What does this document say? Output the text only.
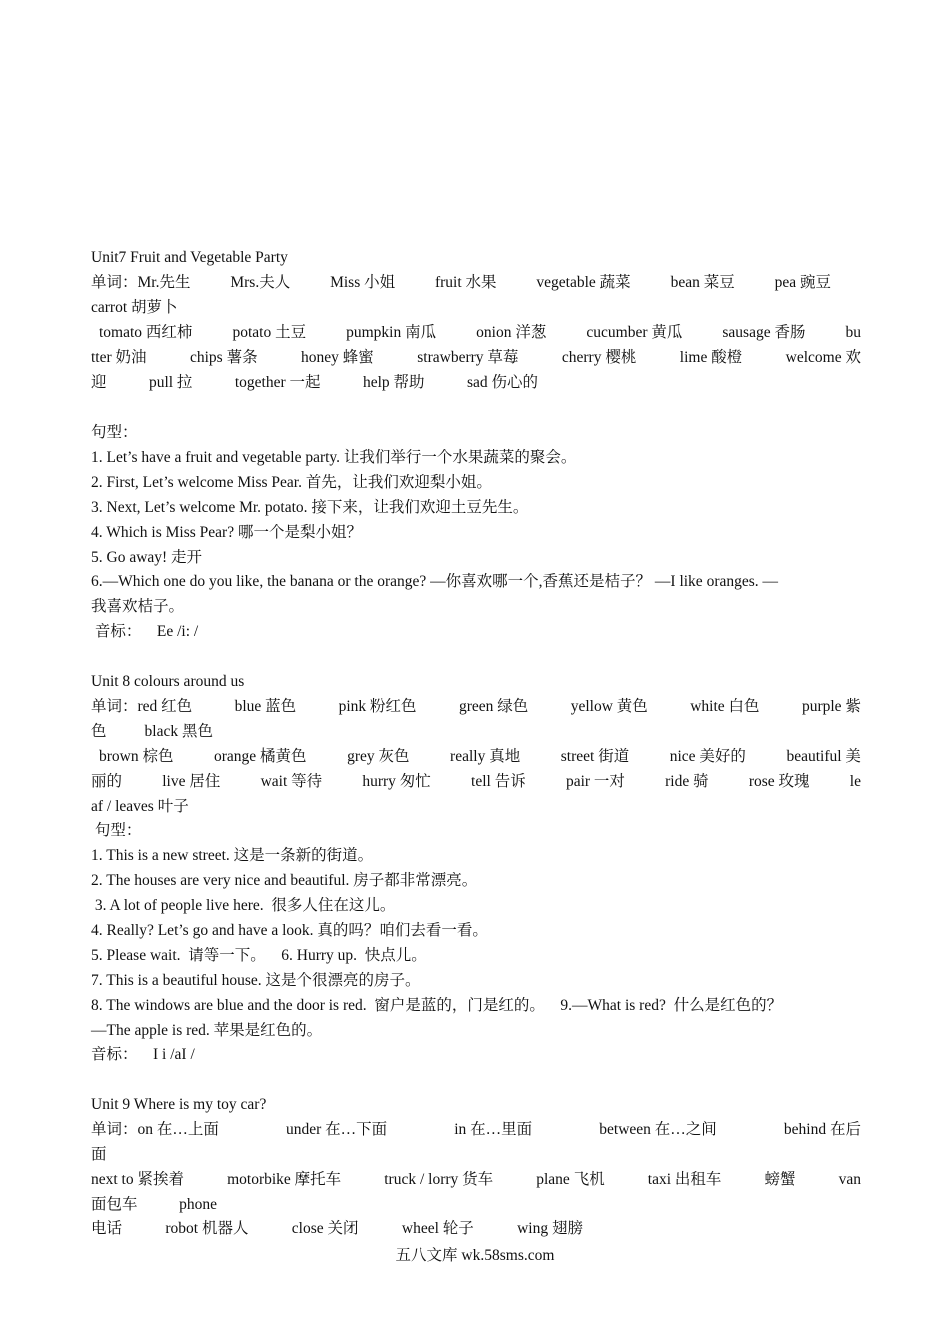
Unit7 Fruit and Vegetable Party
单词：Mr.先生	Mrs.夫人	Miss 小姐	fruit 水果	vegetable 蔬菜	bean 菜豆	pea 豌豆
carrot 胡萝卜
tomato 西红柿	potato 土豆	pumpkin 南瓜	onion 洋葱	cucumber 黄瓜	sausage 香肠	bu
tter 奶油	chips 薯条	honey 蜂蜜	strawberry 草莓	cherry 樱桃	lime 酸橙	welcome 欢
迎	pull 拉	together 一起	help 帮助	sad 伤心的
句型：
1. Let’s have a fruit and vegetable party. 让我们举行一个水果蔬菜的聚会。
2. First, Let’s welcome Miss Pear. 首先，让我们欢迎梨小姐。
3. Next, Let’s welcome Mr. potato. 接下来，让我们欢迎土豆先生。
4. Which is Miss Pear? 哪一个是梨小姐？
5. Go away! 走开
6.—Which one do you like, the banana or the orange? —你喜欢哪一个,香蕉还是桔子？ —I like oranges. —
我喜欢桔子。
音标：    Ee /i: /
Unit 8 colours around us
单词：red 红色	blue 蓝色	pink 粉红色	green 绿色	yellow 黄色	white 白色	purple 紫
色 black 黑色
brown 棕色	orange 橘黄色	grey 灰色	really 真地	street 街道	nice 美好的	beautiful 美
丽的	live 居住	wait 等待	hurry 匆忙	tell 告诉	pair 一对	ride 骑	rose 玫瑰	le
af / leaves 叶子
句型：
1. This is a new street. 这是一条新的街道。
2. The houses are very nice and beautiful. 房子都非常漂亮。
3. A lot of people live here.  很多人住在这儿。
4. Really? Let’s go and have a look. 真的吗？咱们去看一看。
5. Please wait.  请等一下。    6. Hurry up.  快点儿。
7. This is a beautiful house. 这是个很漂亮的房子。
8. The windows are blue and the door is red.  窗户是蓝的，门是红的。    9.—What is red?  什么是红色的？
—The apple is red. 苹果是红色的。
音标：    I i /aI /
Unit 9 Where is my toy car?
单词：on 在…上面	under 在…下面	in 在…里面	between 在…之间	behind 在后
面
next to 紧挨着	motorbike 摩托车	truck / lorry 货车	plane 飞机	taxi 出租车	螃蟹	van
面包车	phone
电话	robot 机器人	close 关闭	wheel 轮子	wing 翅膀
五八文库 wk.58sms.com
